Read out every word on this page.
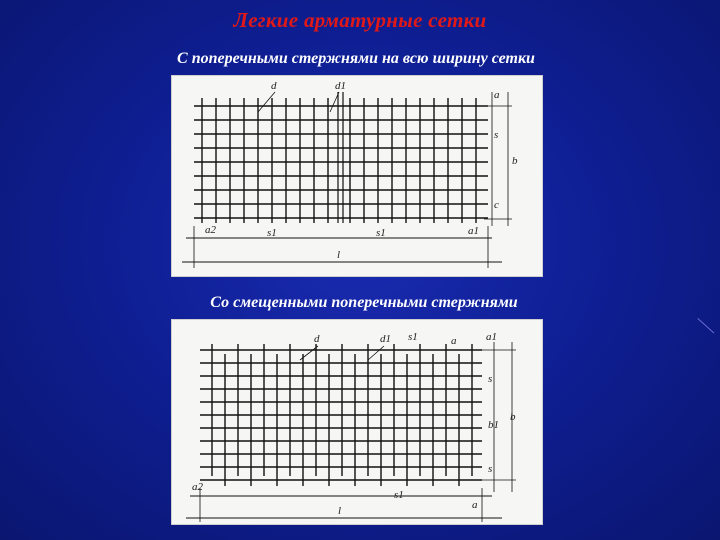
Легкие арматурные сетки
С поперечными стержнями на всю ширину сетки
d	d1
a
s
b
c
a2	s1	s1	a1
l
Со смещенными поперечными стержнями
d	d1 s1	a	a1
s
b1
b
s
a2
s1
l	a
